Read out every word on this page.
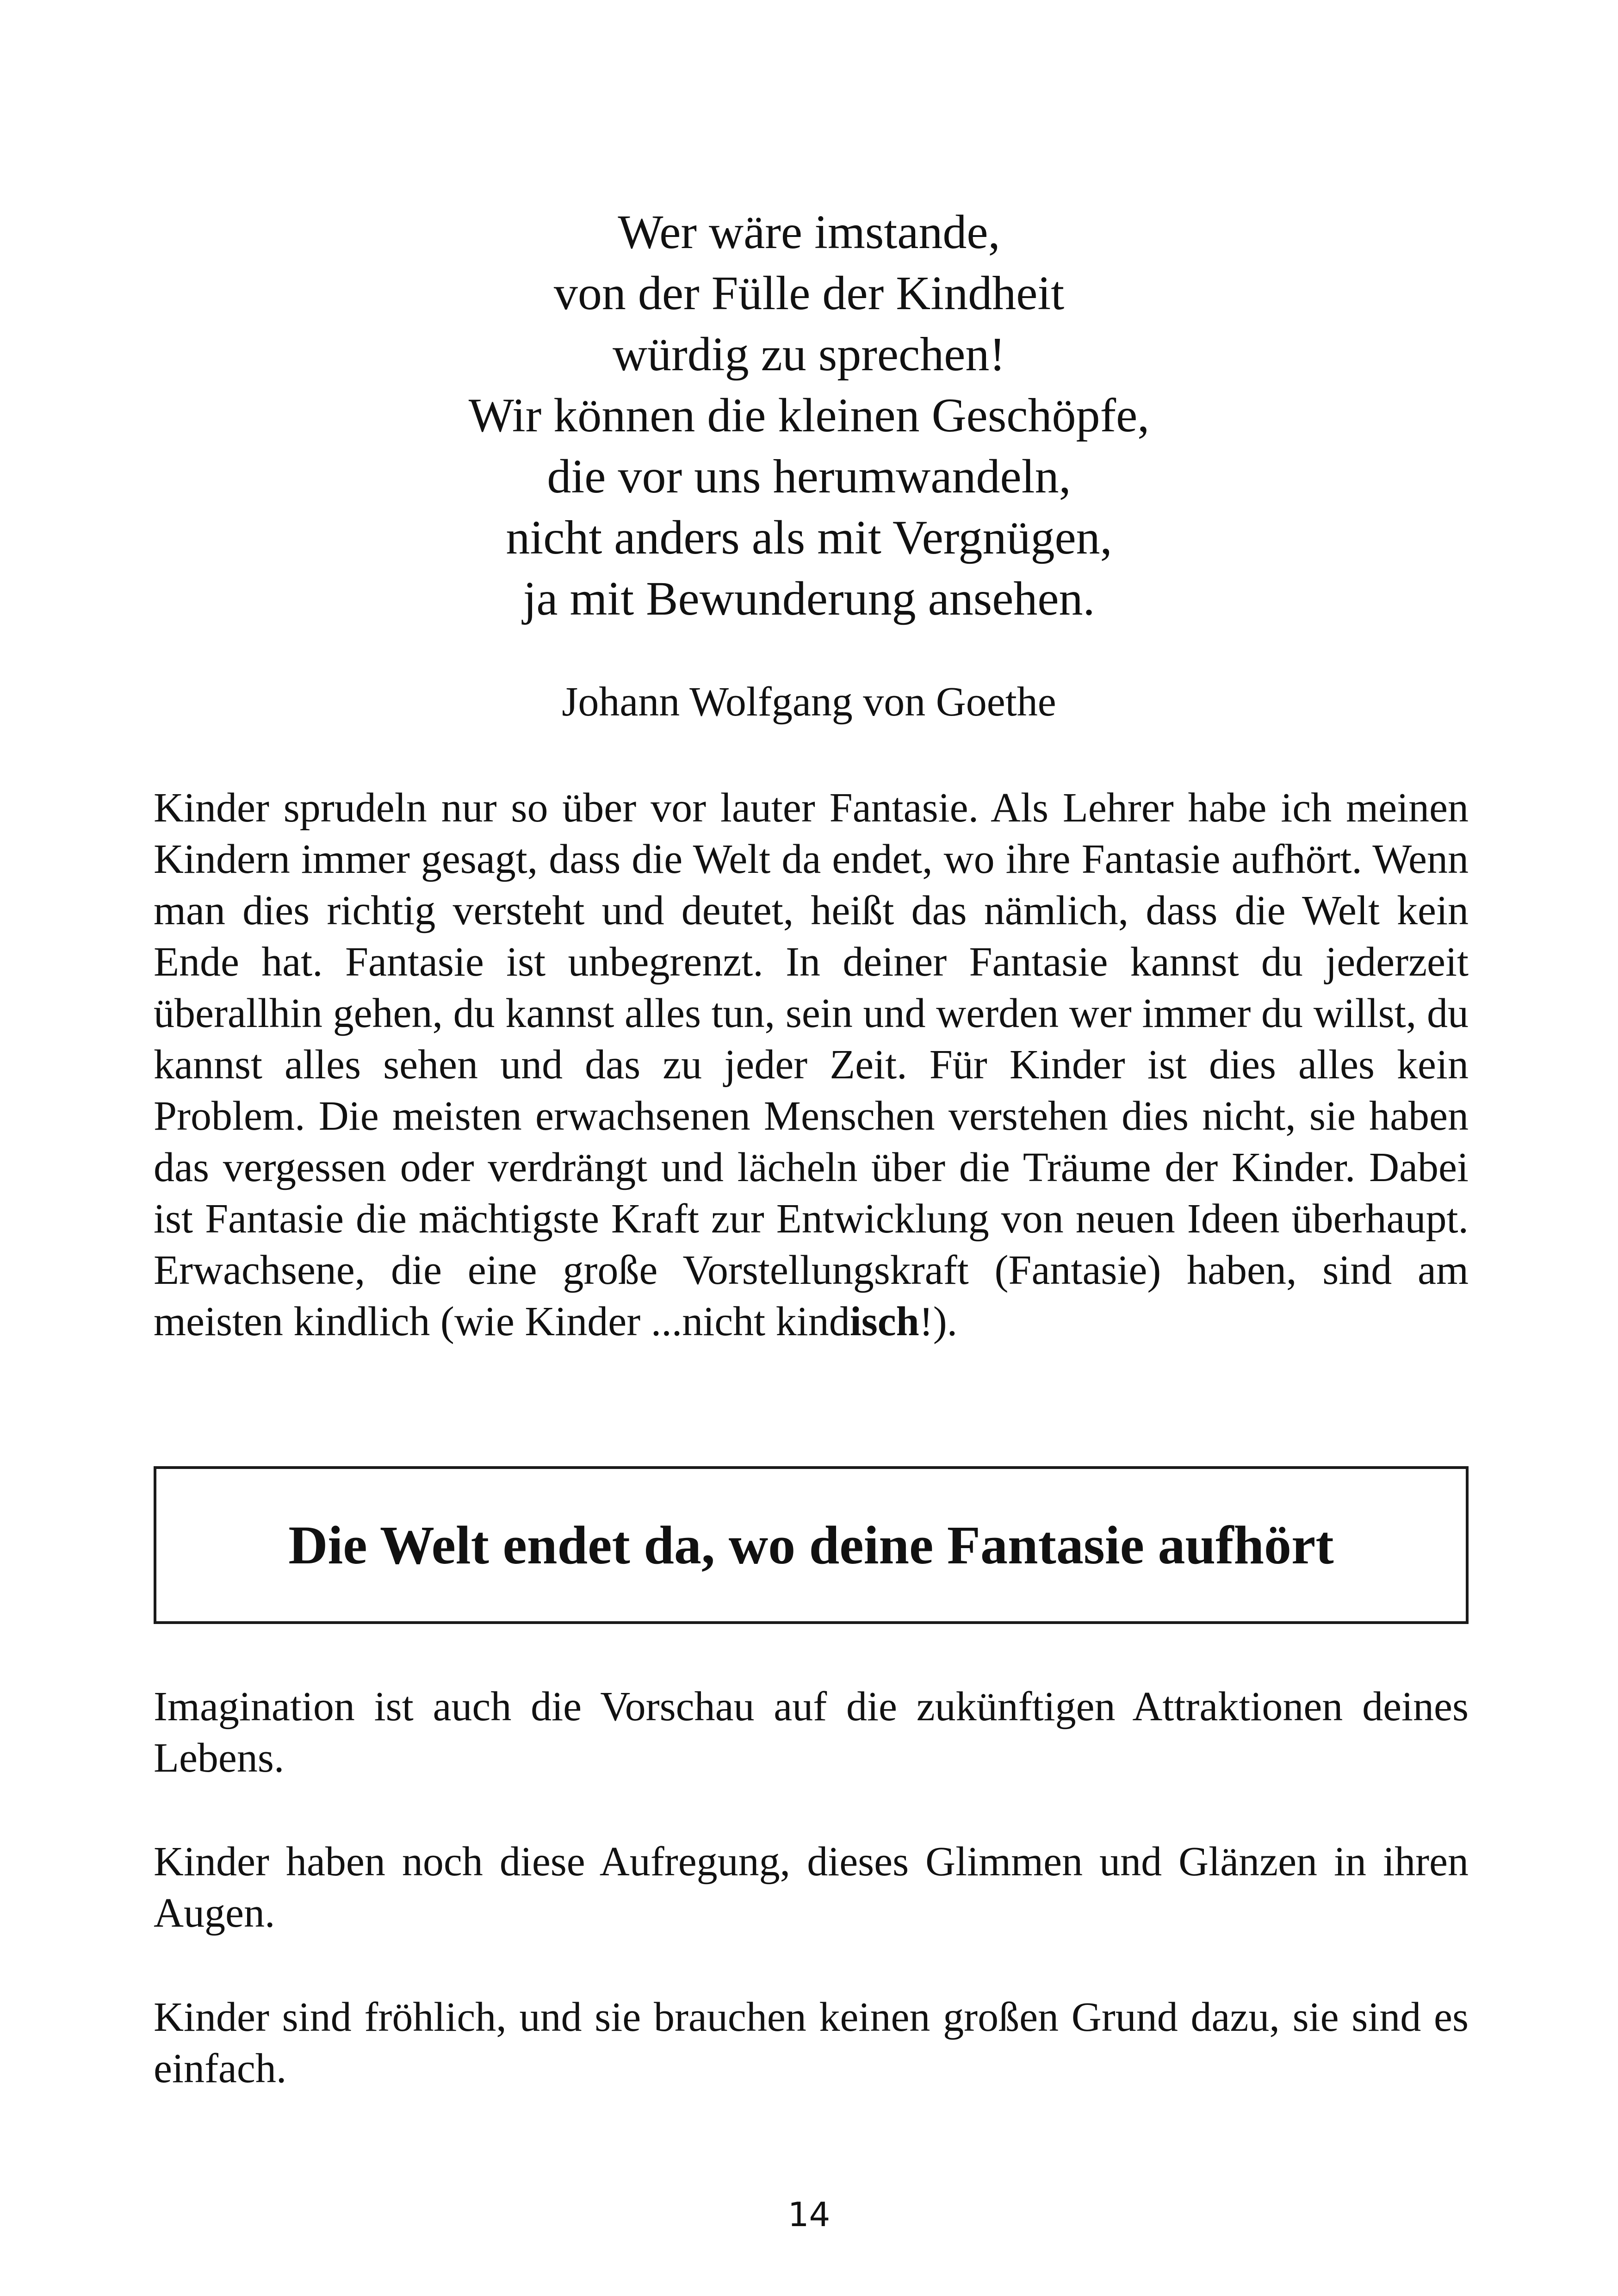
Wer wäre imstande,
von der Fülle der Kindheit
würdig zu sprechen!
Wir können die kleinen Geschöpfe,
die vor uns herumwandeln,
nicht anders als mit Vergnügen,
ja mit Bewunderung ansehen.
Johann Wolfgang von Goethe

Kinder sprudeln nur so über vor lauter Fantasie. Als Lehrer habe ich meinen Kindern immer gesagt, dass die Welt da endet, wo ihre Fantasie aufhört. Wenn man dies richtig versteht und deutet, heißt das nämlich, dass die Welt kein Ende hat. Fantasie ist unbegrenzt. In deiner Fantasie kannst du jederzeit überallhin gehen, du kannst alles tun, sein und werden wer immer du willst, du kannst alles sehen und das zu jeder Zeit. Für Kinder ist dies alles kein Problem. Die meisten erwachsenen Menschen verstehen dies nicht, sie haben das vergessen oder verdrängt und lächeln über die Träume der Kinder. Dabei ist Fantasie die mächtigste Kraft zur Entwicklung von neuen Ideen überhaupt. Erwachsene, die eine große Vorstellungskraft (Fantasie) haben, sind am meisten kindlich (wie Kinder ...nicht kindisch!).

Die Welt endet da, wo deine Fantasie aufhört

Imagination ist auch die Vorschau auf die zukünftigen Attraktionen deines Lebens.

Kinder haben noch diese Aufregung, dieses Glimmen und Glänzen in ihren Augen.

Kinder sind fröhlich, und sie brauchen keinen großen Grund dazu, sie sind es einfach.

14
